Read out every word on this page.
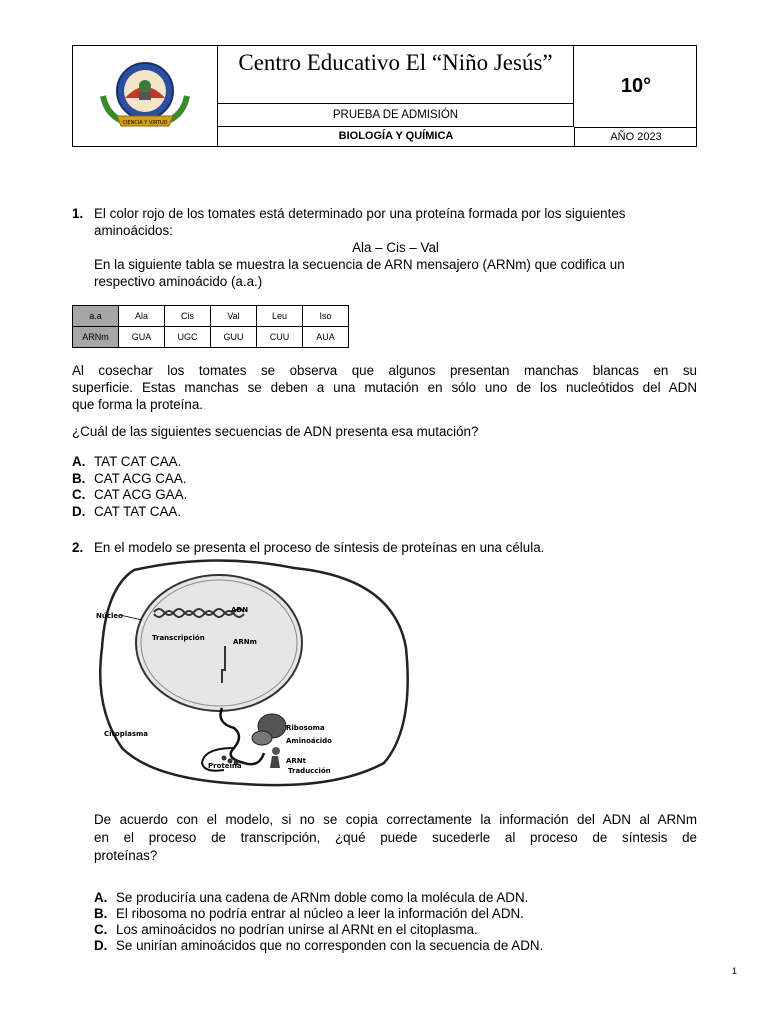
CIENCIA Y VIRTUD
Centro Educativo El “Niño Jesús”
10°
PRUEBA DE ADMISIÓN
BIOLOGÍA Y QUÍMICA	AÑO 2023
1. El color rojo de los tomates está determinado por una proteína formada por los siguientes
aminoácidos:
Ala – Cis – Val
En la siguiente tabla se muestra la secuencia de ARN mensajero (ARNm) que codifica un
respectivo aminoácido (a.a.)
a.a	Ala	Cis	Val	Leu	Iso
ARNm	GUA	UGC	GUU	CUU	AUA
Al cosechar los tomates se observa que algunos presentan manchas blancas en su
superficie. Estas manchas se deben a una mutación en sólo uno de los nucleótidos del ADN
que forma la proteína.
¿Cuál de las siguientes secuencias de ADN presenta esa mutación?
A. TAT CAT CAA.
B. CAT ACG CAA.
C. CAT ACG GAA.
D. CAT TAT CAA.
2. En el modelo se presenta el proceso de síntesis de proteínas en una célula.
Núcleo
ADN
Transcripción	ARNm
Citoplasma
Ribosoma
Aminoácido
Proteína
ARNt
Traducción
De acuerdo con el modelo, si no se copia correctamente la información del ADN al ARNm
en el proceso de transcripción, ¿qué puede sucederle al proceso de síntesis de
proteínas?
A. Se produciría una cadena de ARNm doble como la molécula de ADN.
B. El ribosoma no podría entrar al núcleo a leer la información del ADN.
C. Los aminoácidos no podrían unirse al ARNt en el citoplasma.
D. Se unirían aminoácidos que no corresponden con la secuencia de ADN.
1
